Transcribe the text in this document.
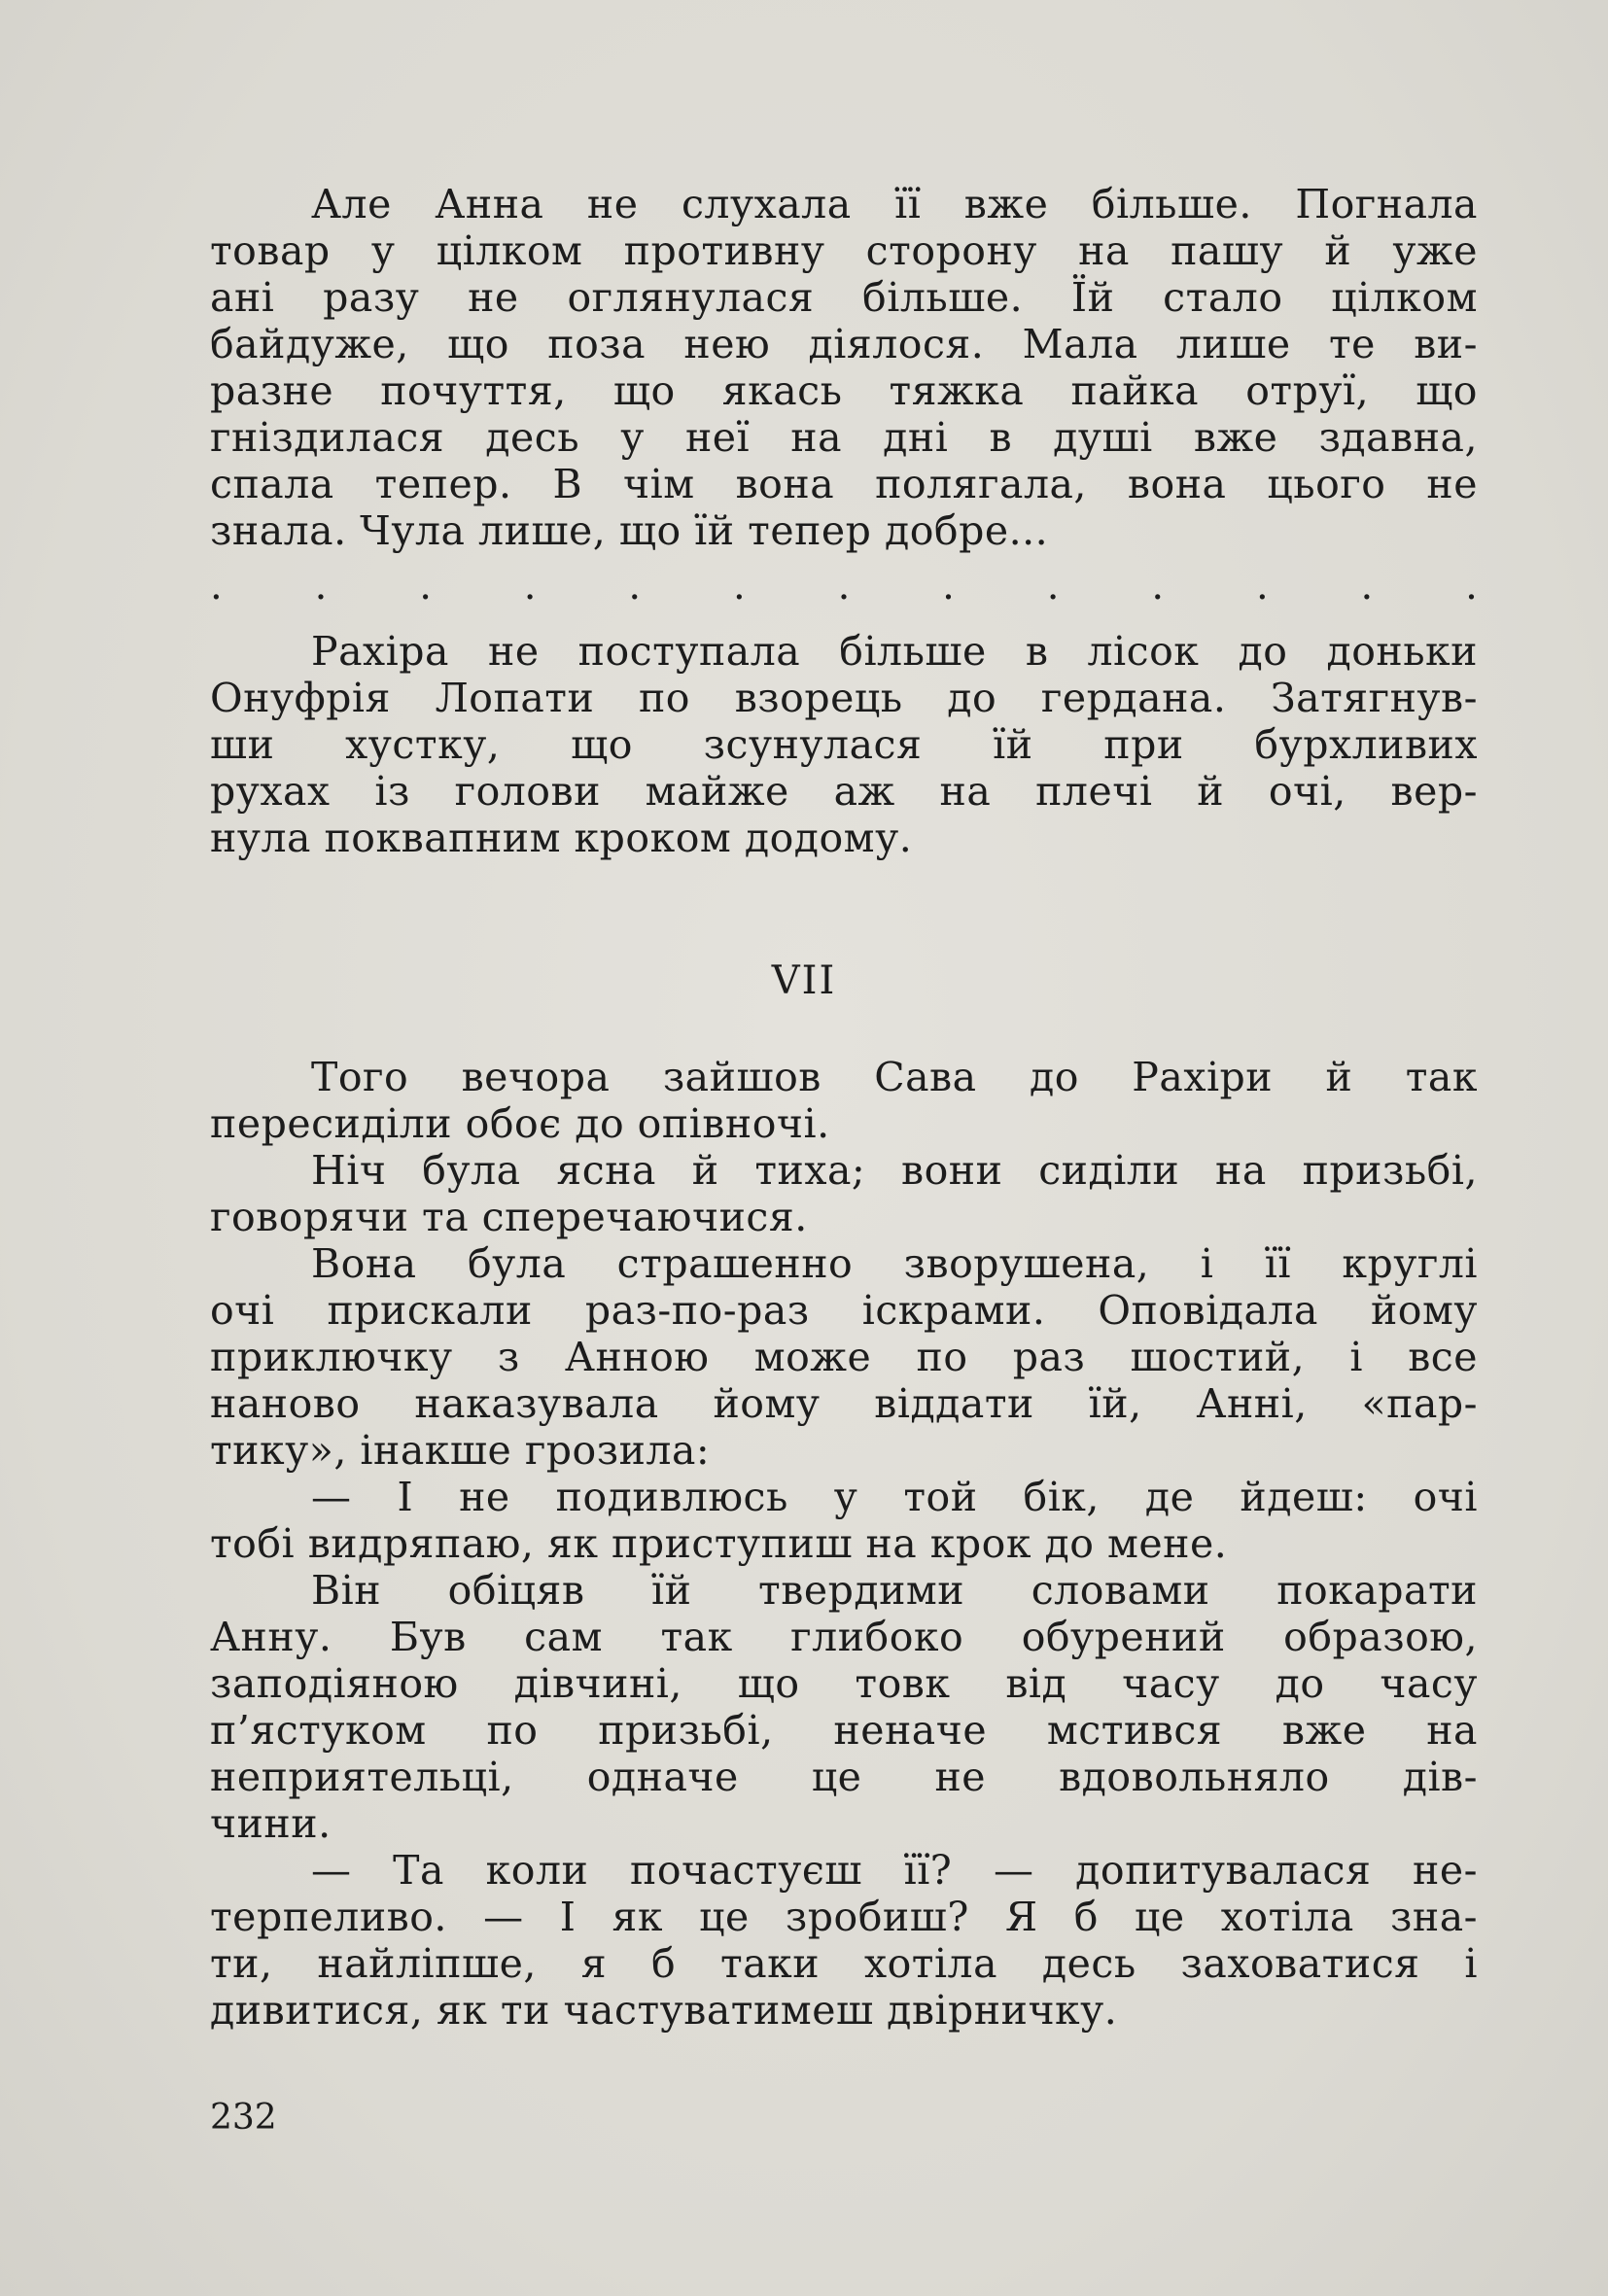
Але Анна не слухала її вже більше. Погнала
товар у цілком противну сторону на пашу й уже
ані разу не оглянулася більше. Їй стало цілком
байдуже, що поза нею діялося. Мала лише те ви-
разне почуття, що якась тяжка пайка отруї, що
гніздилася десь у неї на дні в душі вже здавна,
спала тепер. В чім вона полягала, вона цього не
знала. Чула лише, що їй тепер добре...
. . . . . . . . . . . . .
Рахіра не поступала більше в лісок до доньки
Онуфрія Лопати по взорець до гердана. Затягнув-
ши хустку, що зсунулася їй при бурхливих
рухах із голови майже аж на плечі й очі, вер-
нула поквапним кроком додому.
VII
Того вечора зайшов Сава до Рахіри й так
пересиділи обоє до опівночі.
Ніч була ясна й тиха; вони сиділи на призьбі,
говорячи та сперечаючися.
Вона була страшенно зворушена, і її круглі
очі прискали раз-по-раз іскрами. Оповідала йому
приключку з Анною може по раз шостий, і все
наново наказувала йому віддати їй, Анні, «пар-
тику», інакше грозила:
— І не подивлюсь у той бік, де йдеш: очі
тобі видряпаю, як приступиш на крок до мене.
Він обіцяв їй твердими словами покарати
Анну. Був сам так глибоко обурений образою,
заподіяною дівчині, що товк від часу до часу
п’ястуком по призьбі, неначе мстився вже на
неприятельці, одначе це не вдовольняло дів-
чини.
— Та коли почастуєш її? — допитувалася не-
терпеливо. — І як це зробиш? Я б це хотіла зна-
ти, найліпше, я б таки хотіла десь заховатися і
дивитися, як ти частуватимеш двірничку.
232
